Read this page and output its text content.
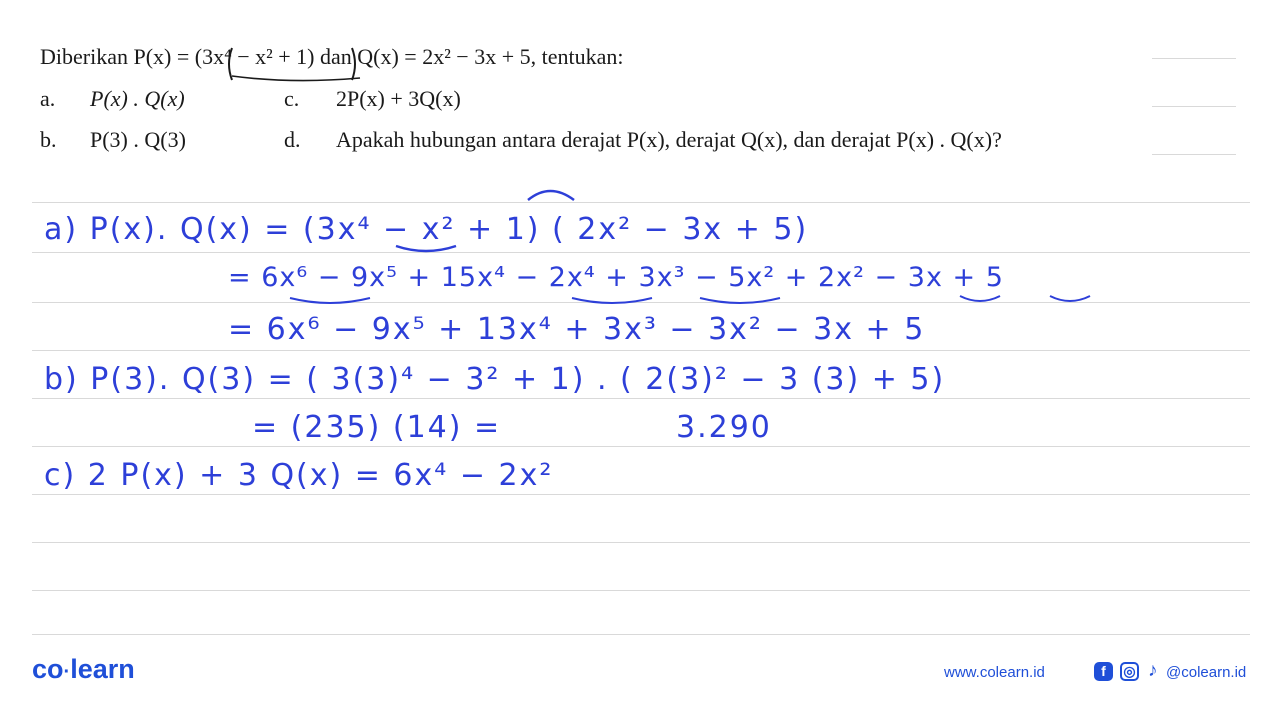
Diberikan P(x) = (3x⁴ − x² + 1) dan Q(x) = 2x² − 3x + 5, tentukan:
a. P(x) . Q(x)	c. 2P(x) + 3Q(x)
b. P(3) . Q(3)	d. Apakah hubungan antara derajat P(x), derajat Q(x), dan derajat P(x) . Q(x)?
a) P(x). Q(x) = (3x⁴ − x² + 1) ( 2x² − 3x + 5)
= 6x⁶ − 9x⁵ + 15x⁴ − 2x⁴ + 3x³ − 5x² + 2x² − 3x + 5
= 6x⁶ − 9x⁵ + 13x⁴ + 3x³ − 3x² − 3x + 5
b) P(3). Q(3) = ( 3(3)⁴ − 3² + 1) . ( 2(3)² − 3 (3) + 5)
= (235) (14) =	3.290
c) 2 P(x) + 3 Q(x) = 6x⁴ − 2x²
co·learn	www.colearn.id	f	◎ ♪ @colearn.id
